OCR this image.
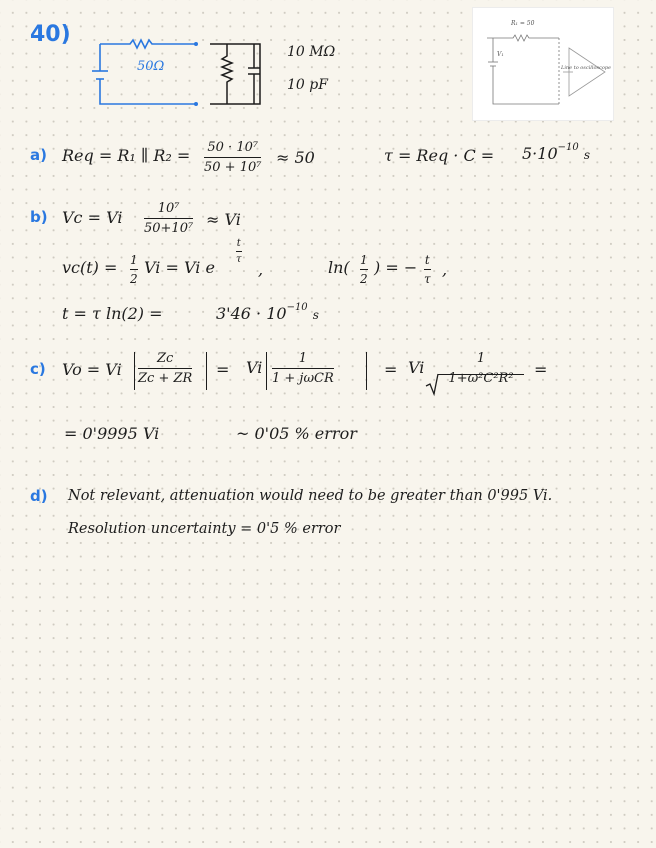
40)
50Ω
10 MΩ
10 pF
R₁ = 50
V₁
Line to oscilloscope
a) Req = R₁ ∥ R₂ = 50 · 10⁷
50 + 10⁷
≈ 50	τ = Req · $C = 5\cdot 10^{-10}$ s
b) Vc = Vi	10⁷
50+10⁷ ≈ Vi
vc(t) = 1
2
Vi = Vi e
t
τ
,	ln( 1
2
) = − t
τ
,
t = τ ln(2) =	$3'46 \cdot 10^{-10}$ s
c) Vo = Vi
Zc
Zc + ZR = Vi	1
1 + jωCR	= Vi	1
1+ω²C²R²	=
= 0'9995 Vi	~ 0'05 % error
d) Not relevant, attenuation would need to be greater than 0'995 Vi.
Resolution uncertainty = 0'5 % error
